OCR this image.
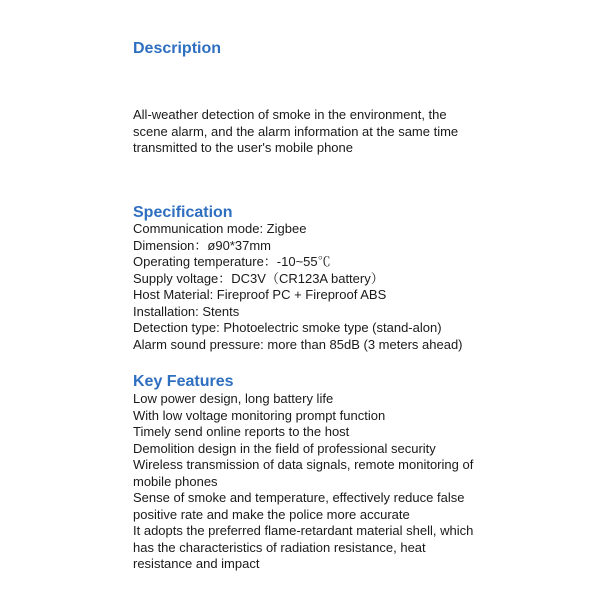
Description

All-weather detection of smoke in the environment, the scene alarm, and the alarm information at the same time transmitted to the user's mobile phone

Specification
Communication mode: Zigbee
Dimension：ø90*37mm
Operating temperature：-10~55℃
Supply voltage：DC3V（CR123A battery）
Host Material: Fireproof PC + Fireproof ABS
Installation: Stents
Detection type: Photoelectric smoke type (stand-alon)
Alarm sound pressure: more than 85dB (3 meters ahead)
Key Features
Low power design, long battery life
With low voltage monitoring prompt function
Timely send online reports to the host
Demolition design in the field of professional security
Wireless transmission of data signals, remote monitoring of mobile phones
Sense of smoke and temperature, effectively reduce false positive rate and make the police more accurate
It adopts the preferred flame-retardant material shell, which has the characteristics of radiation resistance, heat resistance and impact
